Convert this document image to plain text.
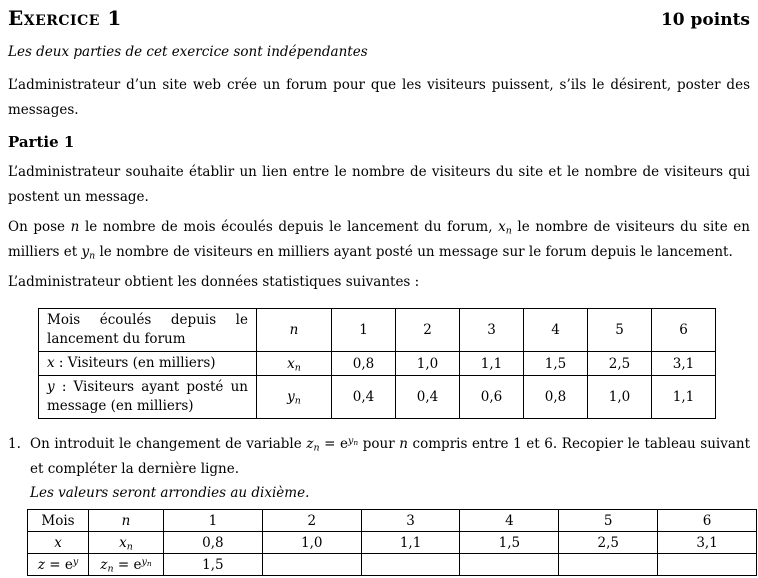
Exercice 1	10 points

Les deux parties de cet exercice sont indépendantes

L’administrateur d’un site web crée un forum pour que les visiteurs puissent, s’ils le désirent, poster des messages.

Partie 1

L’administrateur souhaite établir un lien entre le nombre de visiteurs du site et le nombre de visiteurs qui postent un message.

On pose n le nombre de mois écoulés depuis le lancement du forum, xn le nombre de visiteurs du site en milliers et yn le nombre de visiteurs en milliers ayant posté un message sur le forum depuis le lancement.

L’administrateur obtient les données statistiques suivantes :

Mois écoulés depuis le lancement du forum	n	1	2	3	4	5	6
x : Visiteurs (en milliers)	xn	0,8	1,0	1,1	1,5	2,5	3,1
y : Visiteurs ayant posté un message (en milliers)	yn	0,4	0,4	0,6	0,8	1,0	1,1
1. On introduit le changement de variable zn = $e^{yn}$ pour n compris entre 1 et 6. Recopier le tableau suivant et compléter la dernière ligne.

Les valeurs seront arrondies au dixième.

Mois	n	1	2	3	4	5	6
x	xn	0,8	1,0	1,1	1,5	2,5	3,1
$z = e^y$	zn = $e^{yn}$	1,5					
